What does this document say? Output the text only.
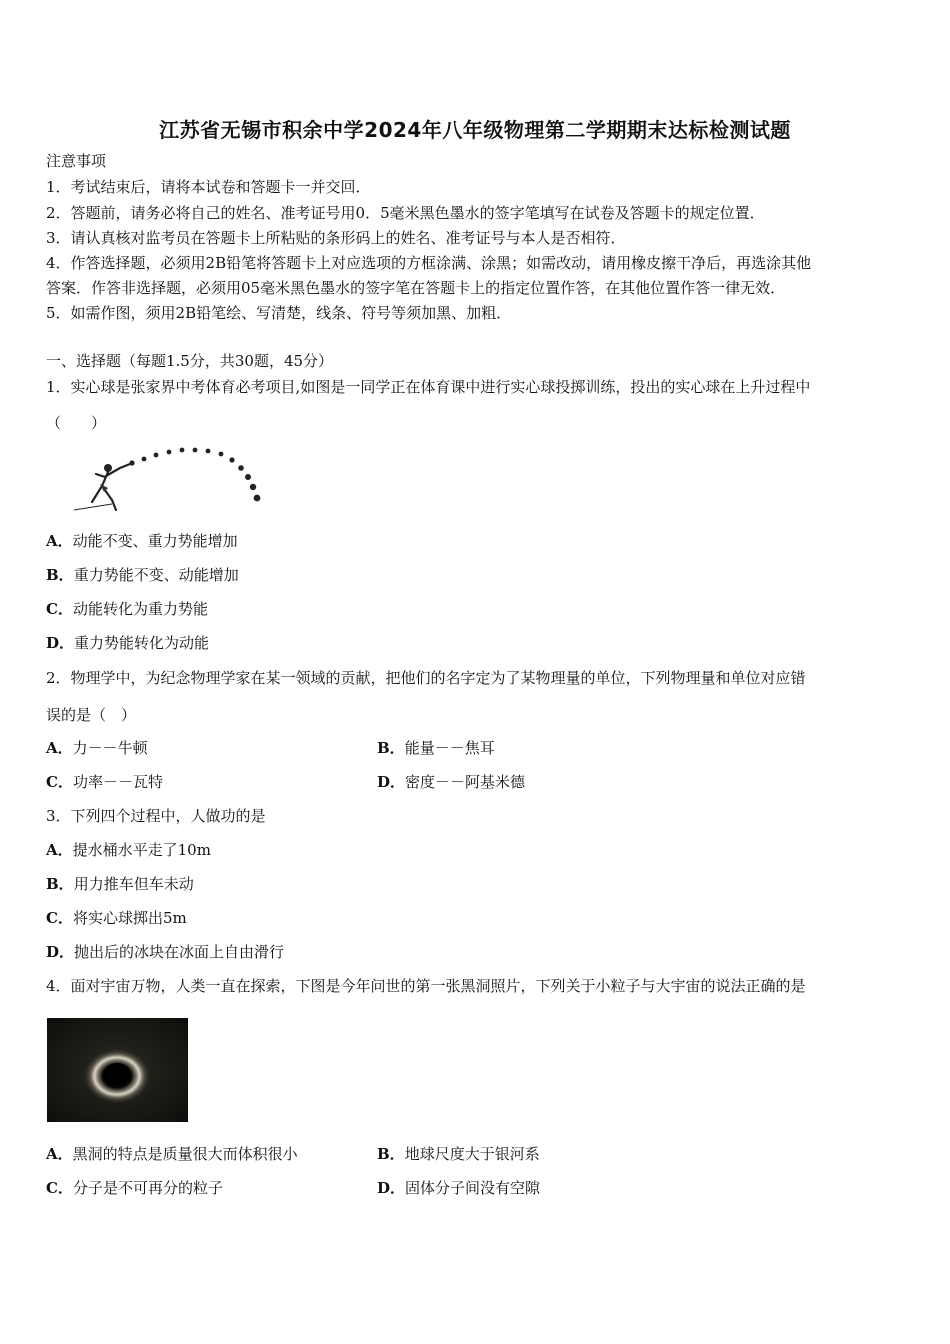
江苏省无锡市积余中学2024年八年级物理第二学期期末达标检测试题
注意事项
1．考试结束后，请将本试卷和答题卡一并交回．
2．答题前，请务必将自己的姓名、准考证号用0．5毫米黑色墨水的签字笔填写在试卷及答题卡的规定位置．
3．请认真核对监考员在答题卡上所粘贴的条形码上的姓名、准考证号与本人是否相符．
4．作答选择题，必须用2B铅笔将答题卡上对应选项的方框涂满、涂黑；如需改动，请用橡皮擦干净后，再选涂其他
答案．作答非选择题，必须用05毫米黑色墨水的签字笔在答题卡上的指定位置作答，在其他位置作答一律无效．
5．如需作图，须用2B铅笔绘、写清楚，线条、符号等须加黑、加粗．
一、选择题（每题1.5分，共30题，45分）
1．实心球是张家界中考体育必考项目,如图是一同学正在体育课中进行实心球投掷训练，投出的实心球在上升过程中
（　　）
A．动能不变、重力势能增加
B．重力势能不变、动能增加
C．动能转化为重力势能
D．重力势能转化为动能
2．物理学中，为纪念物理学家在某一领域的贡献，把他们的名字定为了某物理量的单位，下列物理量和单位对应错
误的是（　）
A．力－－牛顿	B．能量－－焦耳
C．功率－－瓦特	D．密度－－阿基米德
3．下列四个过程中，人做功的是
A．提水桶水平走了10m
B．用力推车但车未动
C．将实心球掷出5m
D．抛出后的冰块在冰面上自由滑行
4．面对宇宙万物，人类一直在探索，下图是今年问世的第一张黑洞照片，下列关于小粒子与大宇宙的说法正确的是
A．黑洞的特点是质量很大而体积很小	B．地球尺度大于银河系
C．分子是不可再分的粒子	D．固体分子间没有空隙
